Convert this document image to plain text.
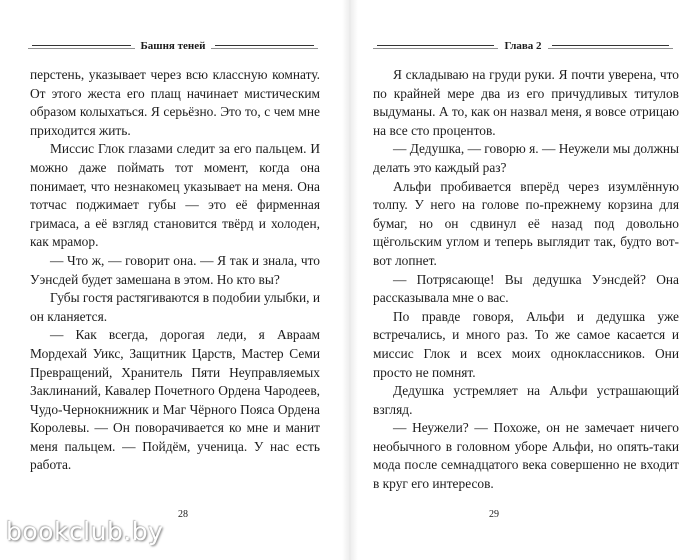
Башня теней

перстень, указывает через всю классную комнату. От этого жеста его плащ начинает мистическим образом колыхаться. Я серьёзно. Это то, с чем мне приходится жить.

Миссис Глок глазами следит за его пальцем. И можно даже поймать тот момент, когда она понимает, что незнакомец указывает на меня. Она тотчас поджимает губы — это её фирменная гримаса, а её взгляд становится твёрд и холоден, как мрамор.

— Что ж, — говорит она. — Я так и знала, что Уэнсдей будет замешана в этом. Но кто вы?

Губы гостя растягиваются в подобии улыбки, и он кланяется.

— Как всегда, дорогая леди, я Авраам Мордехай Уикс, Защитник Царств, Мастер Семи Превращений, Хранитель Пяти Неуправляемых Заклинаний, Кавалер Почетного Ордена Чародеев, Чудо-Чернокнижник и Маг Чёрного Пояса Ордена Королевы. — Он поворачивается ко мне и манит меня пальцем. — Пойдём, ученица. У нас есть работа.

28
Глава 2

Я складываю на груди руки. Я почти уверена, что по крайней мере два из его причудливых титулов выдуманы. А то, как он назвал меня, я вовсе отрицаю на все сто процентов.

— Дедушка, — говорю я. — Неужели мы должны делать это каждый раз?

Альфи пробивается вперёд через изумлённую толпу. У него на голове по-прежнему корзина для бумаг, но он сдвинул её назад под довольно щёгольским углом и теперь выглядит так, будто вот-вот лопнет.

— Потрясающе! Вы дедушка Уэнсдей? Она рассказывала мне о вас.

По правде говоря, Альфи и дедушка уже встречались, и много раз. То же самое касается и миссис Глок и всех моих одноклассников. Они просто не помнят.

Дедушка устремляет на Альфи устрашающий взгляд.

— Неужели? — Похоже, он не замечает ничего необычного в головном уборе Альфи, но опять-таки мода после семнадцатого века совершенно не входит в круг его интересов.

29
bookclub.by
